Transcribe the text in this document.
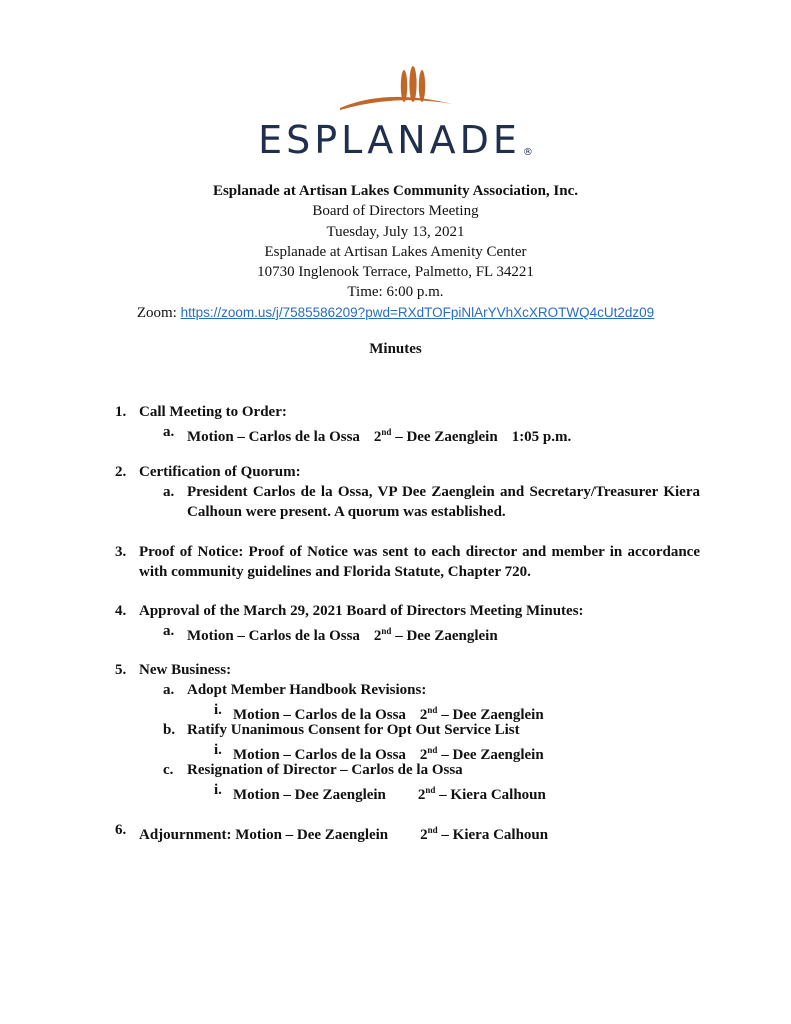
ESPLANADE ®
Esplanade at Artisan Lakes Community Association, Inc.
Board of Directors Meeting
Tuesday, July 13, 2021
Esplanade at Artisan Lakes Amenity Center
10730 Inglenook Terrace, Palmetto, FL 34221
Time: 6:00 p.m.
Zoom: https://zoom.us/j/7585586209?pwd=RXdTOFpiNlArYVhXcXROTWQ4cUt2dz09
Minutes
1. Call Meeting to Order:
a. Motion – Carlos de la Ossa 2nd – Dee Zaenglein 1:05 p.m.
2. Certification of Quorum:
a. President Carlos de la Ossa, VP Dee Zaenglein and Secretary/Treasurer Kiera Calhoun were present. A quorum was established.
3. Proof of Notice: Proof of Notice was sent to each director and member in accordance with community guidelines and Florida Statute, Chapter 720.
4. Approval of the March 29, 2021 Board of Directors Meeting Minutes:
a. Motion – Carlos de la Ossa 2nd – Dee Zaenglein
5. New Business:
a. Adopt Member Handbook Revisions:
i. Motion – Carlos de la Ossa 2nd – Dee Zaenglein
b. Ratify Unanimous Consent for Opt Out Service List
i. Motion – Carlos de la Ossa 2nd – Dee Zaenglein
c. Resignation of Director – Carlos de la Ossa
i. Motion – Dee Zaenglein 2nd – Kiera Calhoun
6. Adjournment: Motion – Dee Zaenglein 2nd – Kiera Calhoun
